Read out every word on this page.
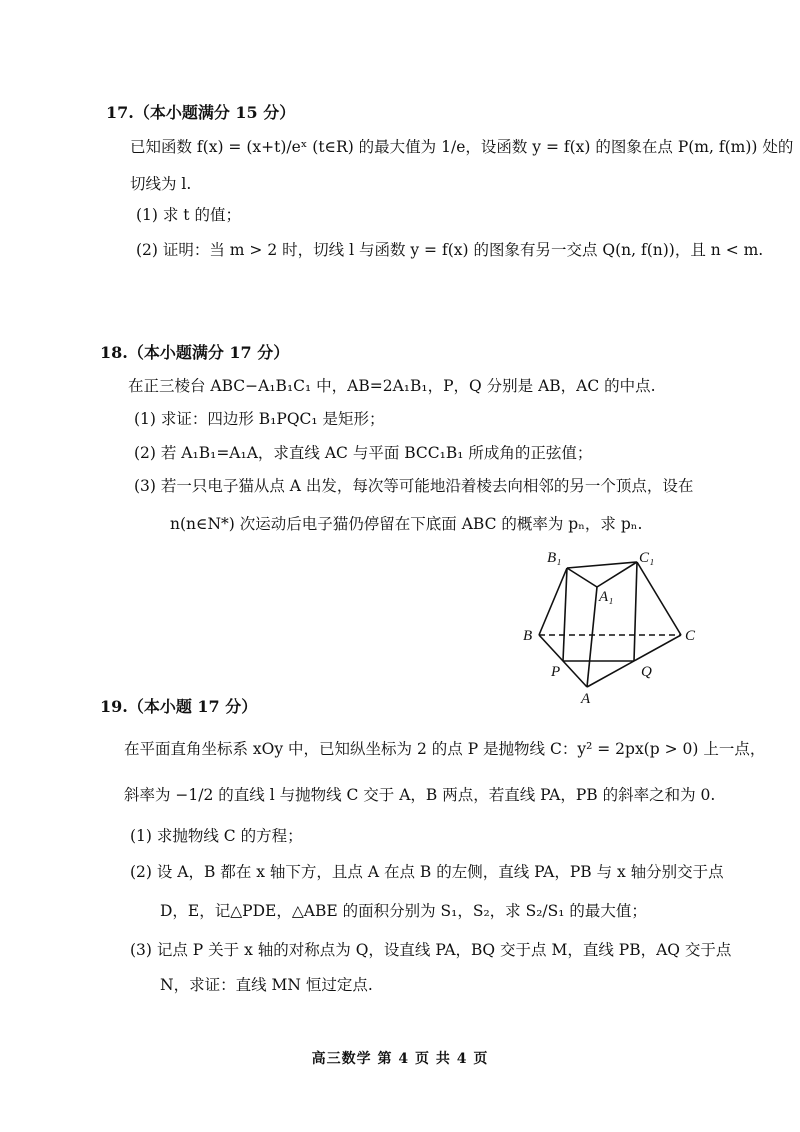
17.（本小题满分 15 分）
已知函数 f(x) = (x+t)/eˣ (t∈R) 的最大值为 1/e，设函数 y = f(x) 的图象在点 P(m, f(m)) 处的
切线为 l.
(1) 求 t 的值；
(2) 证明：当 m > 2 时，切线 l 与函数 y = f(x) 的图象有另一交点 Q(n, f(n))，且 n < m.
18.（本小题满分 17 分）
在正三棱台 ABC−A₁B₁C₁ 中，AB=2A₁B₁，P，Q 分别是 AB，AC 的中点.
(1) 求证：四边形 B₁PQC₁ 是矩形；
(2) 若 A₁B₁=A₁A，求直线 AC 与平面 BCC₁B₁ 所成角的正弦值；
(3) 若一只电子猫从点 A 出发，每次等可能地沿着棱去向相邻的另一个顶点，设在
n(n∈N*) 次运动后电子猫仍停留在下底面 ABC 的概率为 pₙ，求 pₙ.
B₁	C₁
A₁
B	C
P	Q
A
19.（本小题 17 分）
在平面直角坐标系 xOy 中，已知纵坐标为 2 的点 P 是抛物线 C：y² = 2px(p > 0) 上一点，
斜率为 −1/2 的直线 l 与抛物线 C 交于 A，B 两点，若直线 PA，PB 的斜率之和为 0.
(1) 求抛物线 C 的方程；
(2) 设 A，B 都在 x 轴下方，且点 A 在点 B 的左侧，直线 PA，PB 与 x 轴分别交于点
D，E，记△PDE，△ABE 的面积分别为 S₁，S₂，求 S₂/S₁ 的最大值；
(3) 记点 P 关于 x 轴的对称点为 Q，设直线 PA，BQ 交于点 M，直线 PB，AQ 交于点
N，求证：直线 MN 恒过定点.
高三数学 第 4 页 共 4 页
